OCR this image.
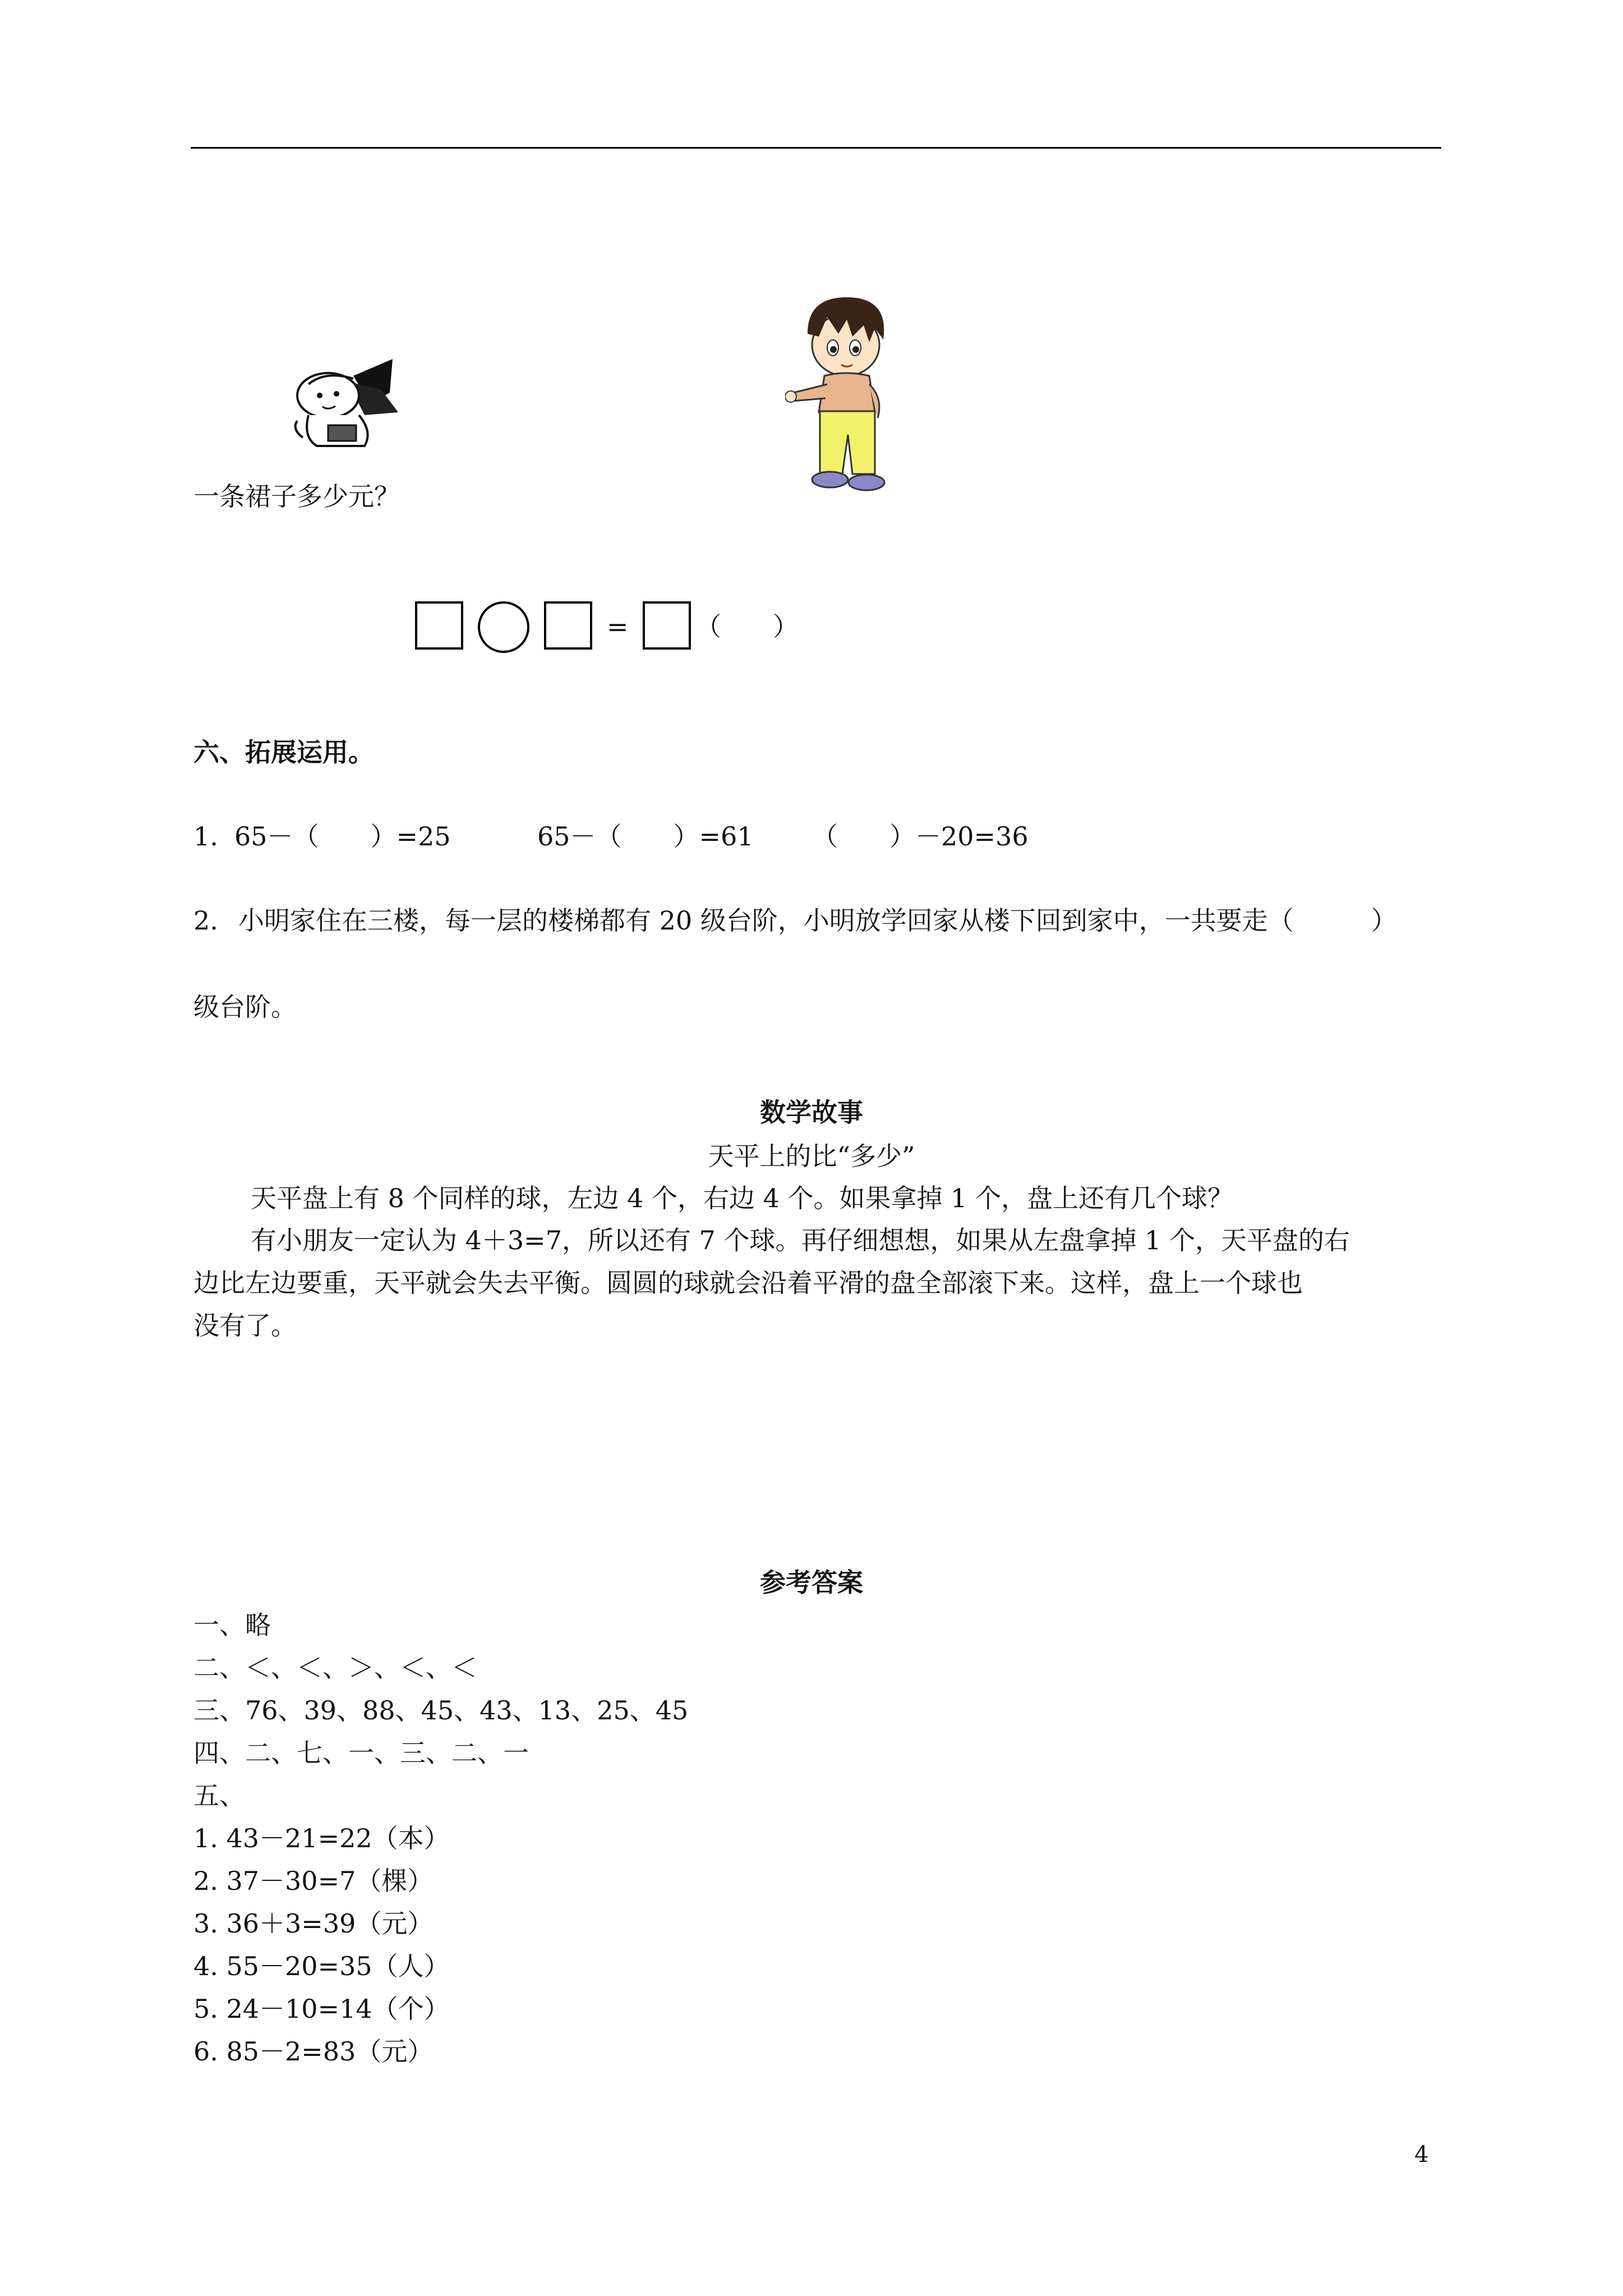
一条裙子多少元？
=	（　　）
六、拓展运用。
1. 65－（　　）=25	65－（　　）=61 （　　）－20=36
2. 小明家住在三楼，每一层的楼梯都有 20 级台阶，小明放学回家从楼下回到家中，一共要走（　　　）
级台阶。
数学故事
天平上的比“多少”
天平盘上有 8 个同样的球，左边 4 个，右边 4 个。如果拿掉 1 个，盘上还有几个球？
有小朋友一定认为 4＋3=7，所以还有 7 个球。再仔细想想，如果从左盘拿掉 1 个，天平盘的右
边比左边要重，天平就会失去平衡。圆圆的球就会沿着平滑的盘全部滚下来。这样，盘上一个球也
没有了。
参考答案
一、略
二、＜、＜、＞、＜、＜
三、76、39、88、45、43、13、25、45
四、二、七、一、三、二、一
五、
1. 43－21=22（本）
2. 37－30=7（棵）
3. 36＋3=39（元）
4. 55－20=35（人）
5. 24－10=14（个）
6. 85－2=83（元）
4
